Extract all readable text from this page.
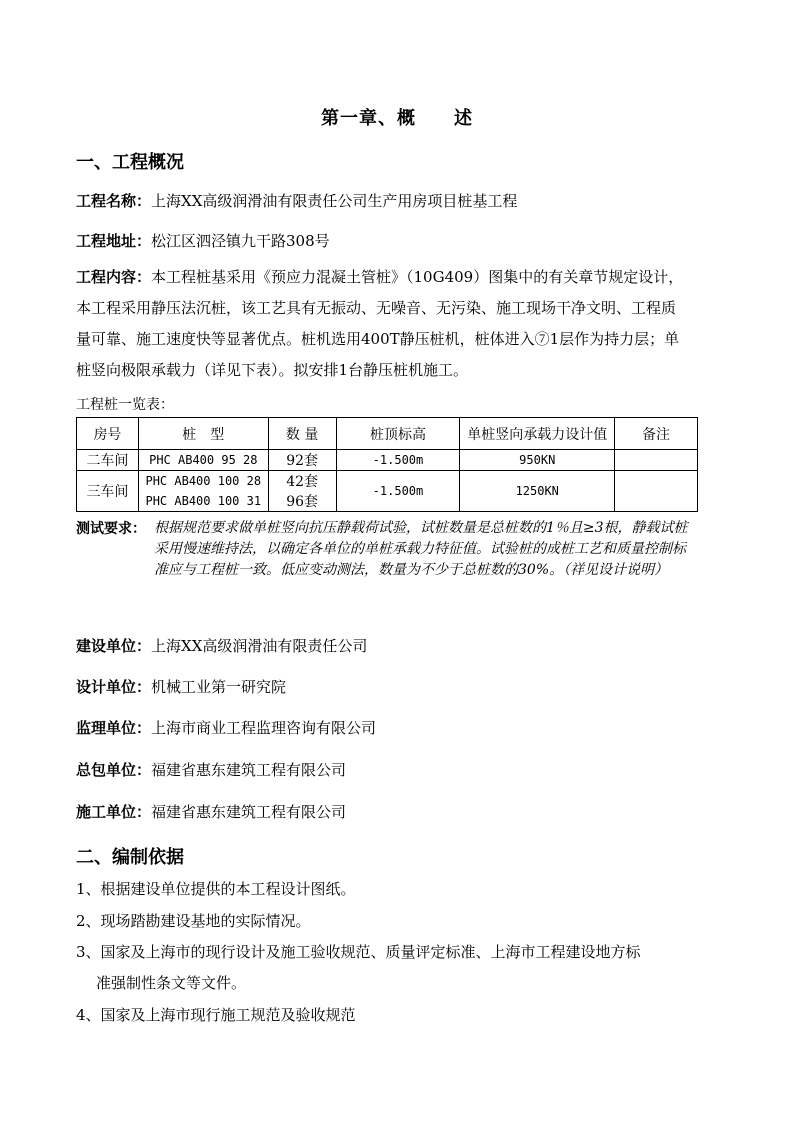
第一章、概　　述
一、工程概况
工程名称：上海XX高级润滑油有限责任公司生产用房项目桩基工程
工程地址：松江区泗泾镇九干路308号
工程内容：本工程桩基采用《预应力混凝土管桩》（10G409）图集中的有关章节规定设计，本工程采用静压法沉桩，该工艺具有无振动、无噪音、无污染、施工现场干净文明、工程质量可靠、施工速度快等显著优点。桩机选用400T静压桩机，桩体进入⑦1层作为持力层；单桩竖向极限承载力（详见下表）。拟安排1台静压桩机施工。
工程桩一览表：
房号	桩　型	数 量	桩顶标高	单桩竖向承载力设计值	备注
二车间	PHC AB400 95 28	92套	-1.500m	950KN	
三车间	PHC AB400 100 28	42套	-1.500m	1250KN	
	PHC AB400 100 31	96套			
测试要求： 根据规范要求做单桩竖向抗压静载荷试验，试桩数量是总桩数的1％且≥3根，静载试桩采用慢速维持法，以确定各单位的单桩承载力特征值。试验桩的成桩工艺和质量控制标准应与工程桩一致。低应变动测法，数量为不少于总桩数的30%。（祥见设计说明）
建设单位：上海XX高级润滑油有限责任公司
设计单位：机械工业第一研究院
监理单位：上海市商业工程监理咨询有限公司
总包单位：福建省惠东建筑工程有限公司
施工单位：福建省惠东建筑工程有限公司
二、编制依据
1、根据建设单位提供的本工程设计图纸。
2、现场踏勘建设基地的实际情况。
3、国家及上海市的现行设计及施工验收规范、质量评定标准、上海市工程建设地方标
准强制性条文等文件。
4、国家及上海市现行施工规范及验收规范
